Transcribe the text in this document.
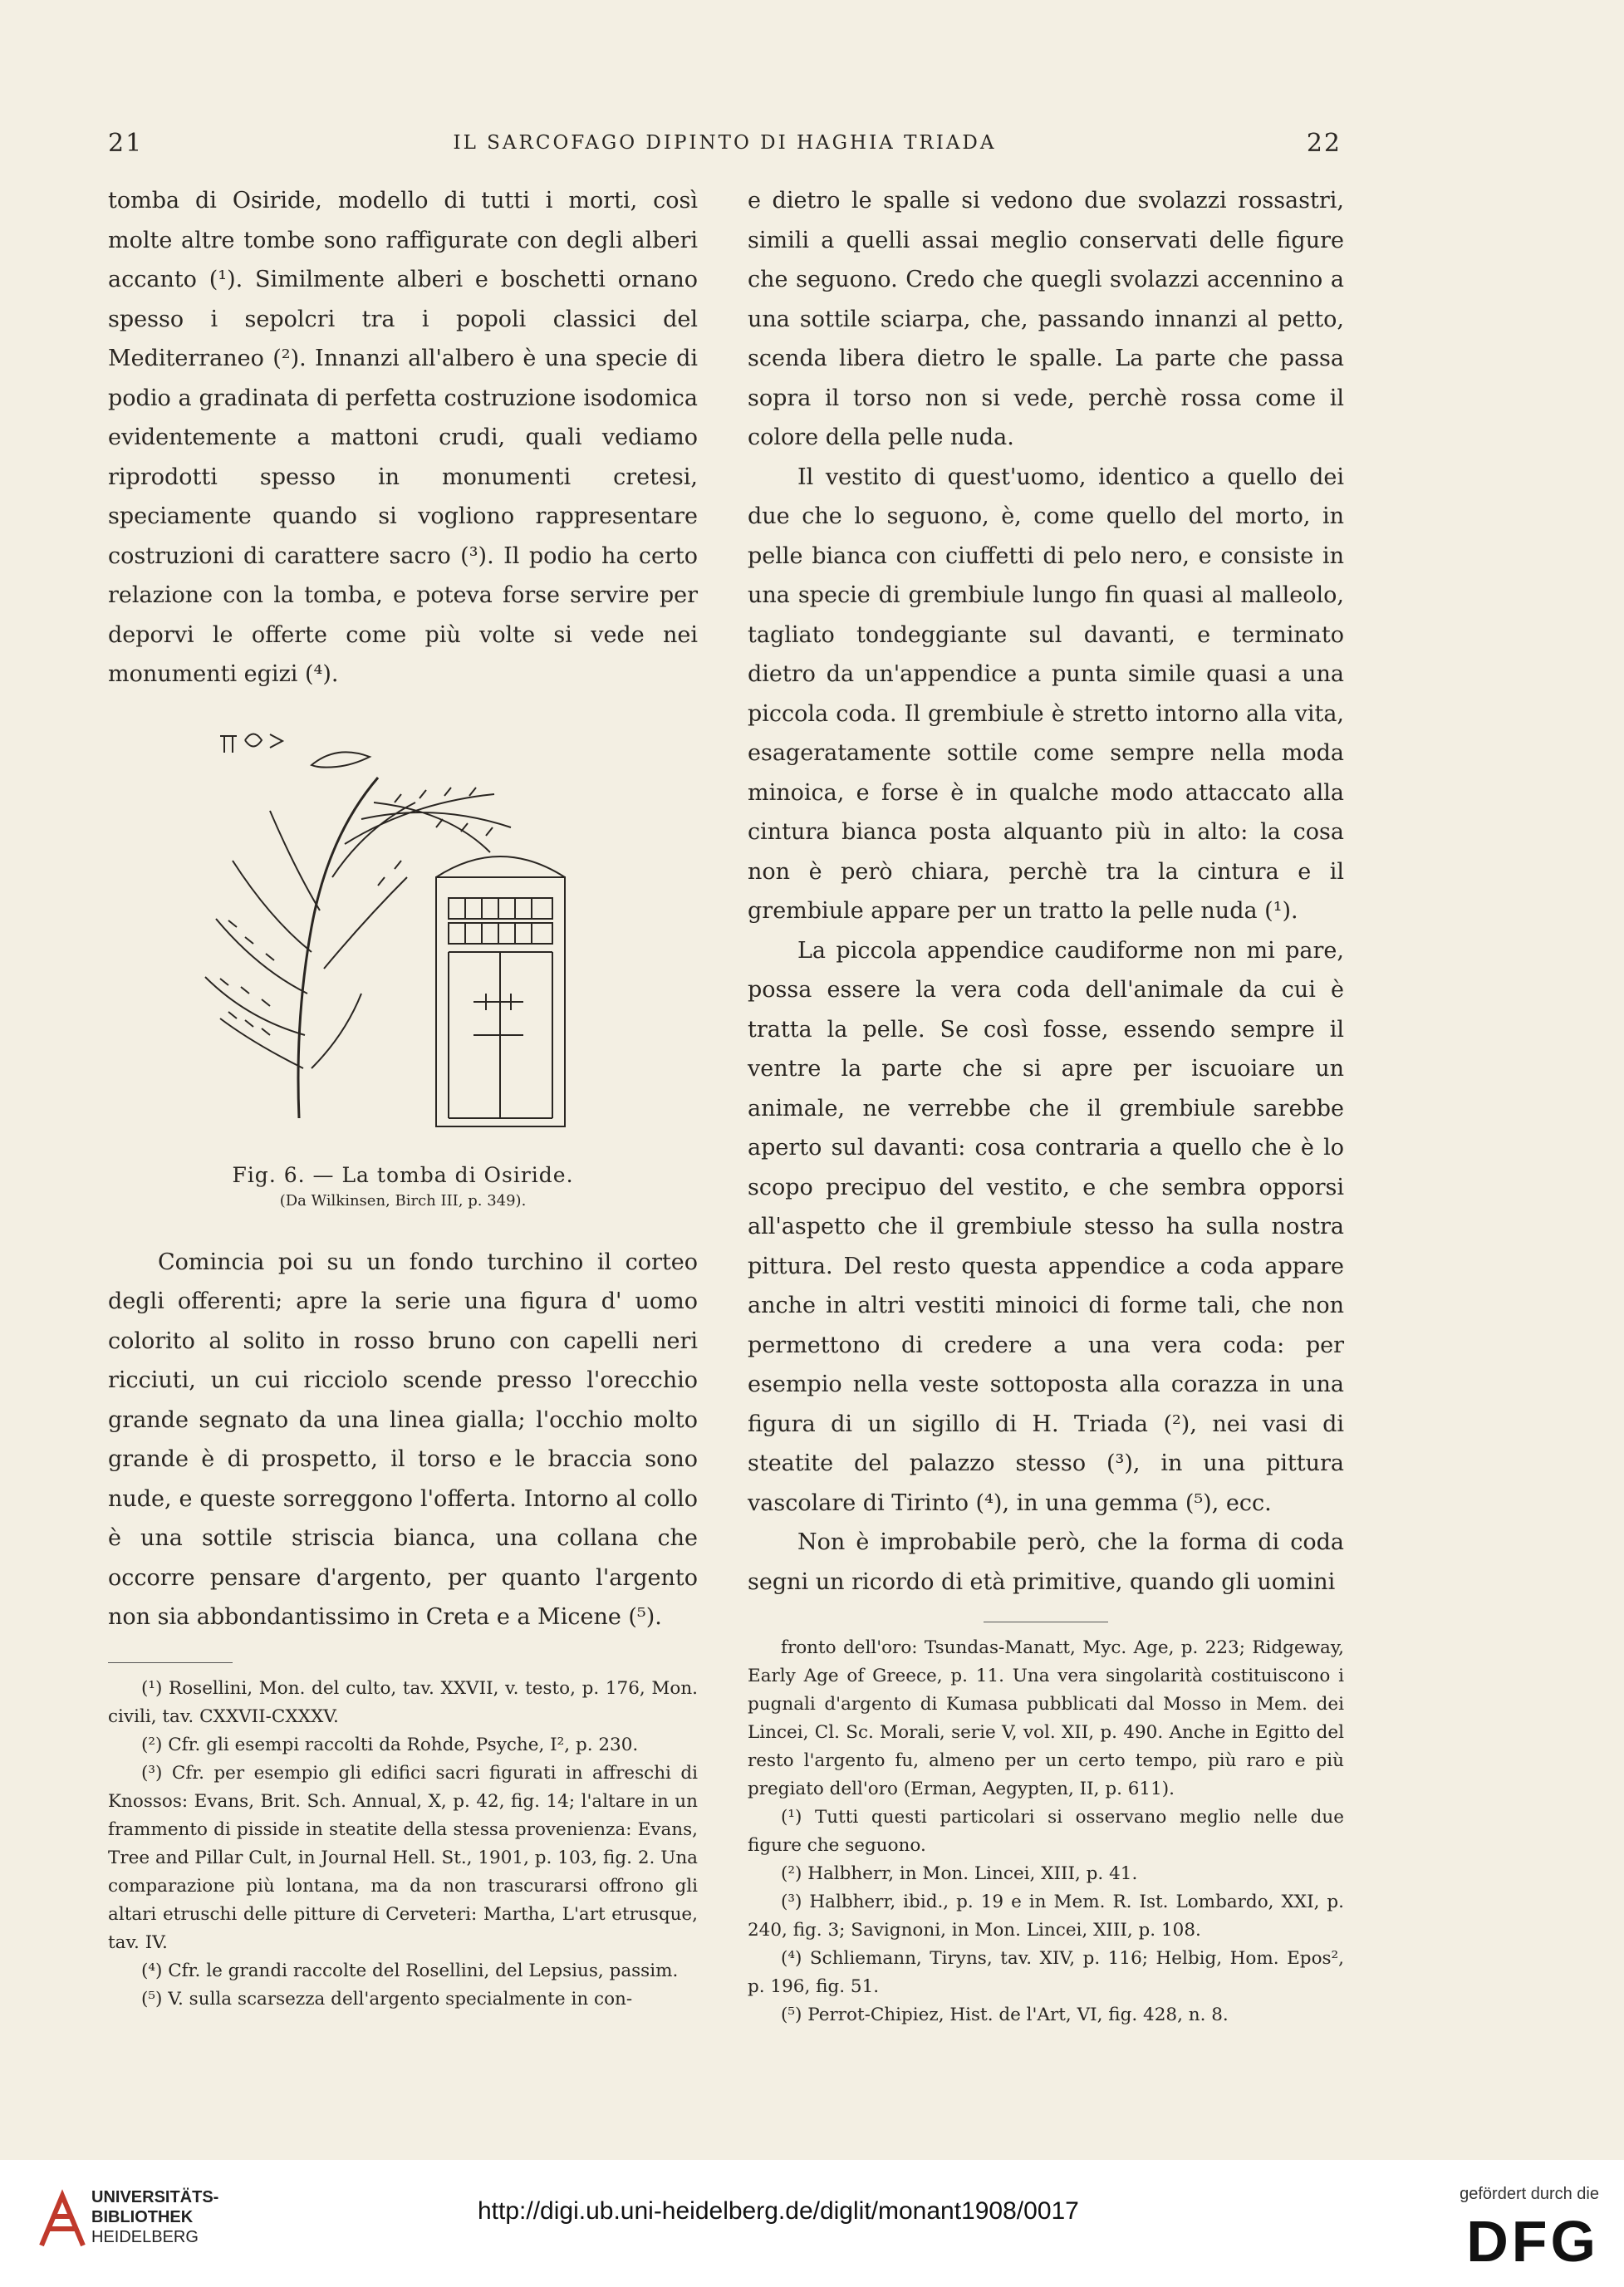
21	IL SARCOFAGO DIPINTO DI HAGHIA TRIADA	22

tomba di Osiride, modello di tutti i morti, così molte altre tombe sono raffigurate con degli alberi accanto (¹). Similmente alberi e boschetti ornano spesso i sepolcri tra i popoli classici del Mediterraneo (²). Innanzi all'albero è una specie di podio a gradinata di perfetta costruzione isodomica evidentemente a mattoni crudi, quali vediamo riprodotti spesso in monumenti cretesi, speciamente quando si vogliono rappresentare costruzioni di carattere sacro (³). Il podio ha certo relazione con la tomba, e poteva forse servire per deporvi le offerte come più volte si vede nei monumenti egizi (⁴).

Fig. 6. — La tomba di Osiride.
(Da Wilkinsen, Birch III, p. 349).

Comincia poi su un fondo turchino il corteo degli offerenti; apre la serie una figura d' uomo colorito al solito in rosso bruno con capelli neri ricciuti, un cui ricciolo scende presso l'orecchio grande segnato da una linea gialla; l'occhio molto grande è di prospetto, il torso e le braccia sono nude, e queste sorreggono l'offerta. Intorno al collo è una sottile striscia bianca, una collana che occorre pensare d'argento, per quanto l'argento non sia abbondantissimo in Creta e a Micene (⁵).

(¹) Rosellini, Mon. del culto, tav. XXVII, v. testo, p. 176, Mon. civili, tav. CXXVII-CXXXV.

(²) Cfr. gli esempi raccolti da Rohde, Psyche, I², p. 230.

(³) Cfr. per esempio gli edifici sacri figurati in affreschi di Knossos: Evans, Brit. Sch. Annual, X, p. 42, fig. 14; l'altare in un frammento di pisside in steatite della stessa provenienza: Evans, Tree and Pillar Cult, in Journal Hell. St., 1901, p. 103, fig. 2. Una comparazione più lontana, ma da non trascurarsi offrono gli altari etruschi delle pitture di Cerveteri: Martha, L'art etrusque, tav. IV.

(⁴) Cfr. le grandi raccolte del Rosellini, del Lepsius, passim.

(⁵) V. sulla scarsezza dell'argento specialmente in con-

e dietro le spalle si vedono due svolazzi rossastri, simili a quelli assai meglio conservati delle figure che seguono. Credo che quegli svolazzi accennino a una sottile sciarpa, che, passando innanzi al petto, scenda libera dietro le spalle. La parte che passa sopra il torso non si vede, perchè rossa come il colore della pelle nuda.

Il vestito di quest'uomo, identico a quello dei due che lo seguono, è, come quello del morto, in pelle bianca con ciuffetti di pelo nero, e consiste in una specie di grembiule lungo fin quasi al malleolo, tagliato tondeggiante sul davanti, e terminato dietro da un'appendice a punta simile quasi a una piccola coda. Il grembiule è stretto intorno alla vita, esageratamente sottile come sempre nella moda minoica, e forse è in qualche modo attaccato alla cintura bianca posta alquanto più in alto: la cosa non è però chiara, perchè tra la cintura e il grembiule appare per un tratto la pelle nuda (¹).

La piccola appendice caudiforme non mi pare, possa essere la vera coda dell'animale da cui è tratta la pelle. Se così fosse, essendo sempre il ventre la parte che si apre per iscuoiare un animale, ne verrebbe che il grembiule sarebbe aperto sul davanti: cosa contraria a quello che è lo scopo precipuo del vestito, e che sembra opporsi all'aspetto che il grembiule stesso ha sulla nostra pittura. Del resto questa appendice a coda appare anche in altri vestiti minoici di forme tali, che non permettono di credere a una vera coda: per esempio nella veste sottoposta alla corazza in una figura di un sigillo di H. Triada (²), nei vasi di steatite del palazzo stesso (³), in una pittura vascolare di Tirinto (⁴), in una gemma (⁵), ecc.

Non è improbabile però, che la forma di coda segni un ricordo di età primitive, quando gli uomini

fronto dell'oro: Tsundas-Manatt, Myc. Age, p. 223; Ridgeway, Early Age of Greece, p. 11. Una vera singolarità costituiscono i pugnali d'argento di Kumasa pubblicati dal Mosso in Mem. dei Lincei, Cl. Sc. Morali, serie V, vol. XII, p. 490. Anche in Egitto del resto l'argento fu, almeno per un certo tempo, più raro e più pregiato dell'oro (Erman, Aegypten, II, p. 611).

(¹) Tutti questi particolari si osservano meglio nelle due figure che seguono.

(²) Halbherr, in Mon. Lincei, XIII, p. 41.

(³) Halbherr, ibid., p. 19 e in Mem. R. Ist. Lombardo, XXI, p. 240, fig. 3; Savignoni, in Mon. Lincei, XIII, p. 108.

(⁴) Schliemann, Tiryns, tav. XIV, p. 116; Helbig, Hom. Epos², p. 196, fig. 51.

(⁵) Perrot-Chipiez, Hist. de l'Art, VI, fig. 428, n. 8.

UNIVERSITÄTS-
BIBLIOTHEK
HEIDELBERG
http://digi.ub.uni-heidelberg.de/diglit/monant1908/0017
gefördert durch die
DFG
